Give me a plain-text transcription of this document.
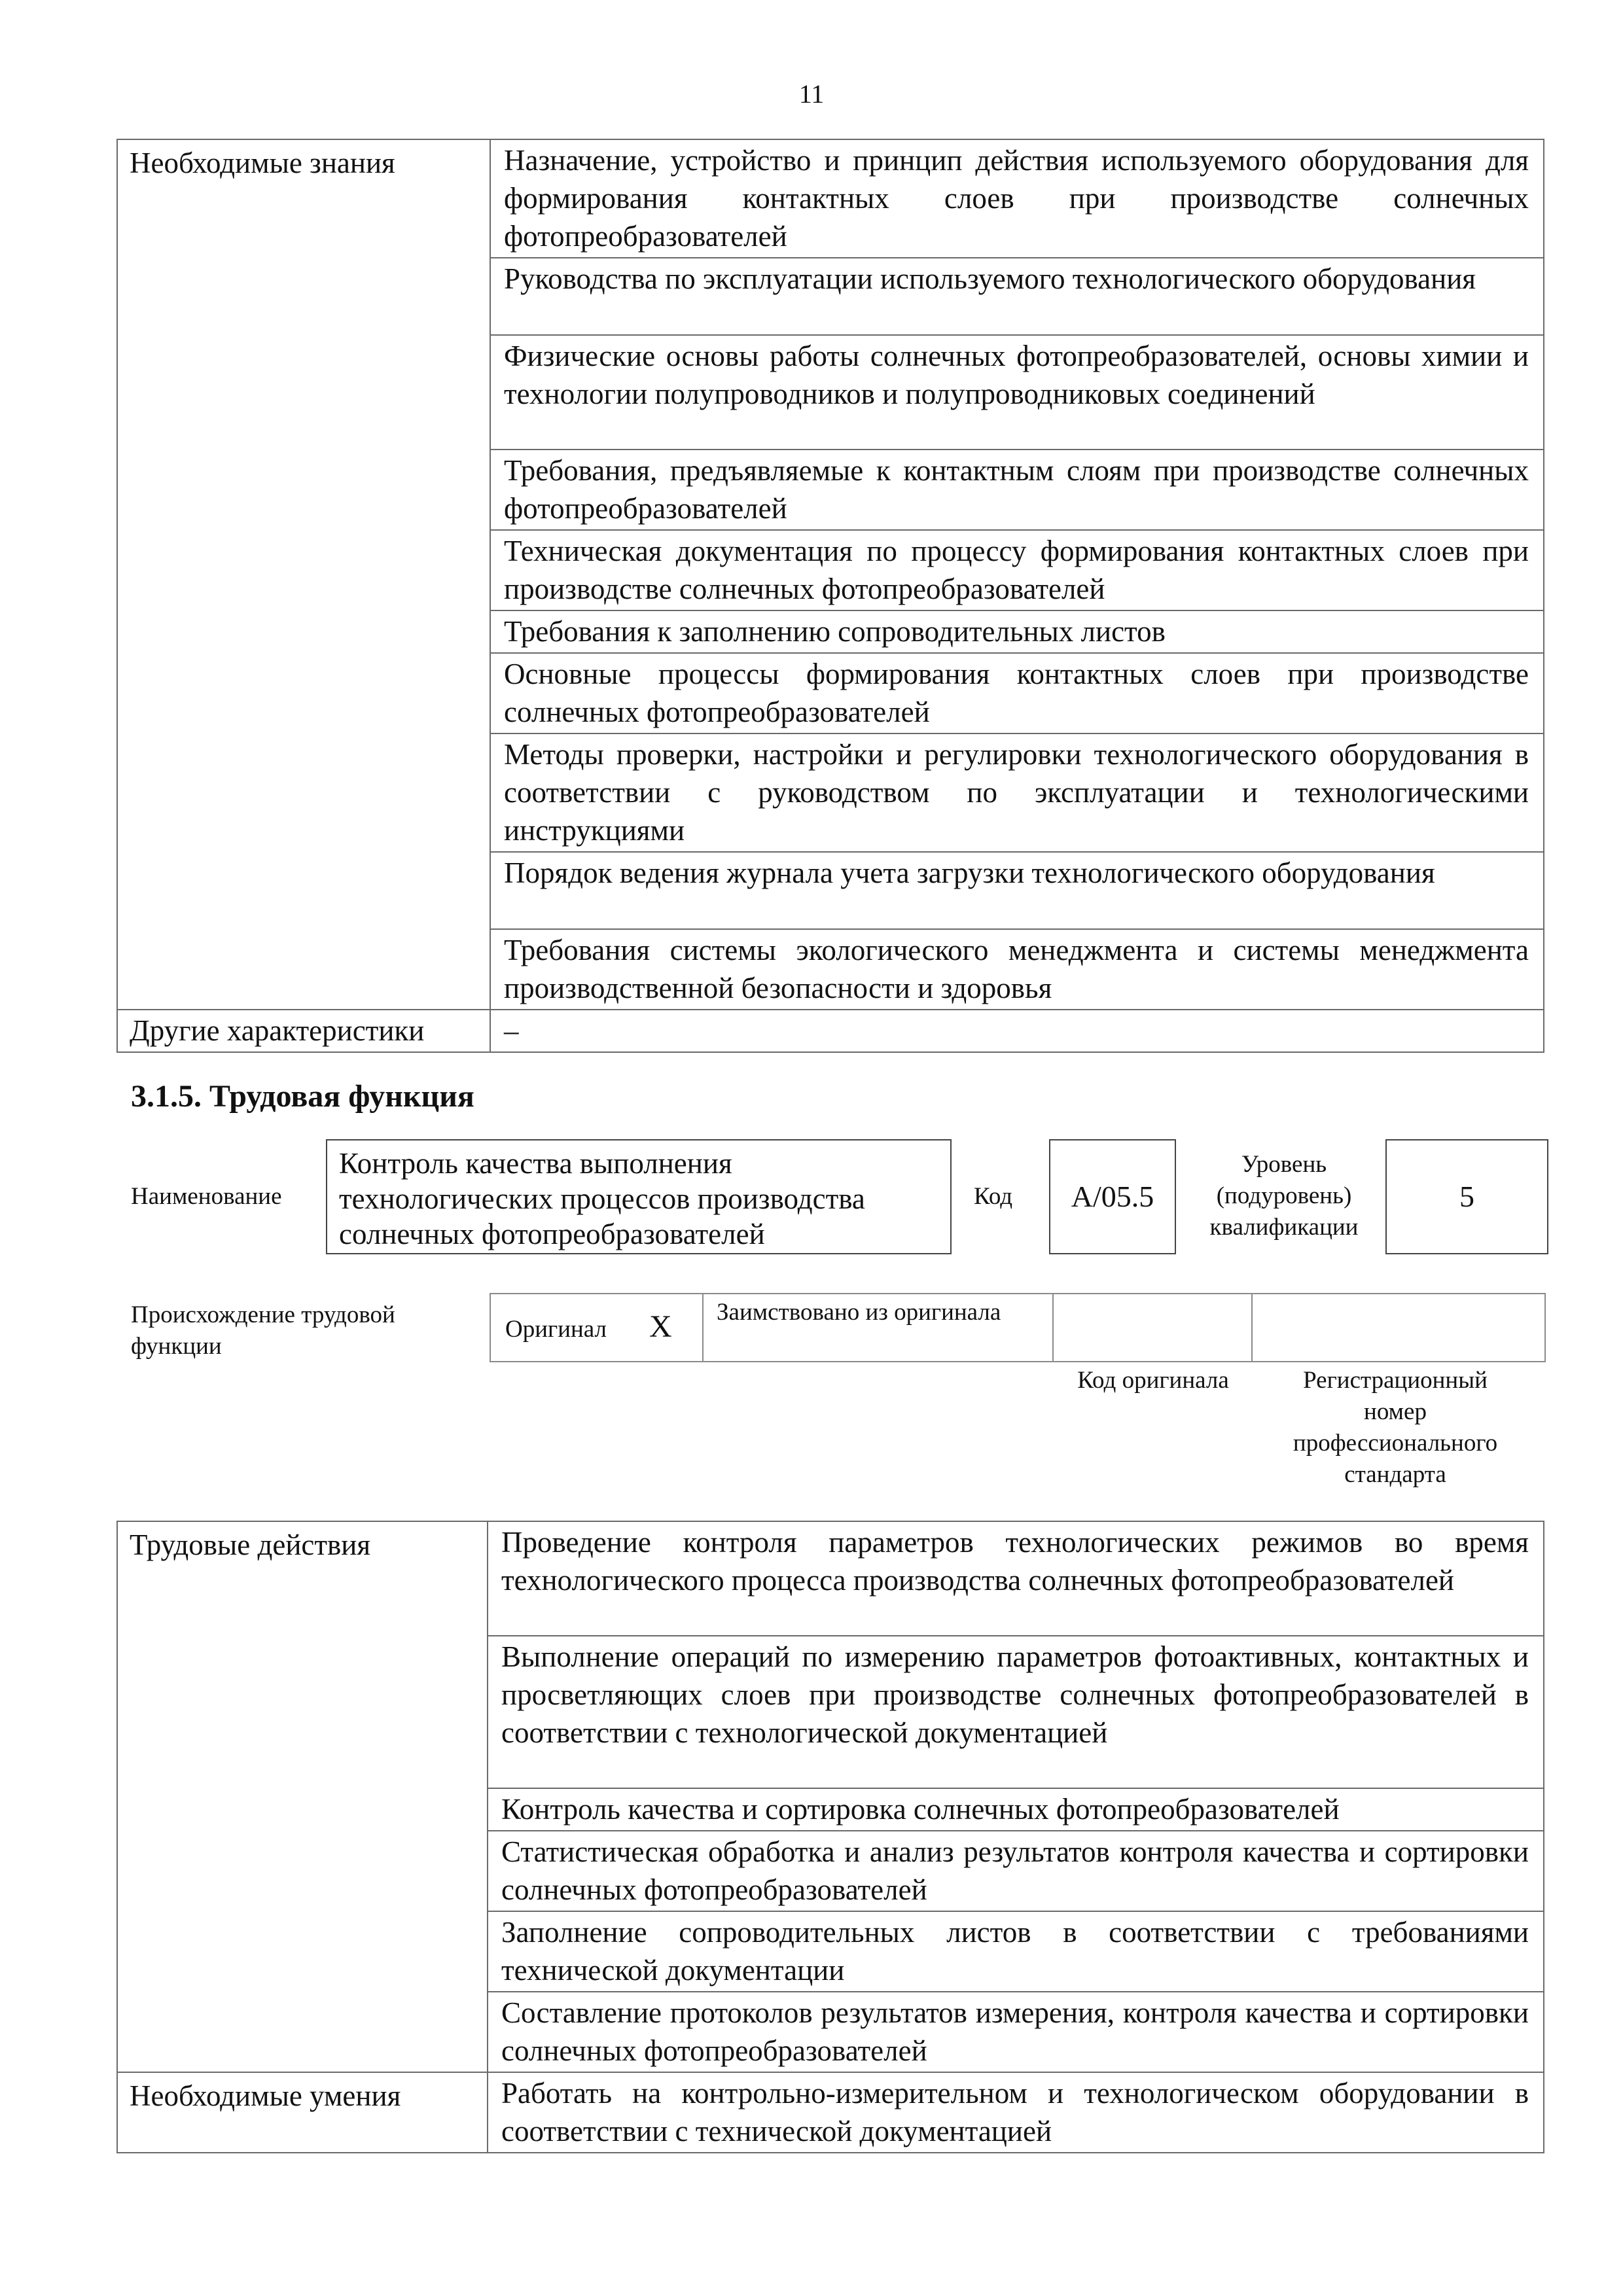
11
Необходимые знания	Назначение, устройство и принцип действия используемого оборудования для формирования контактных слоев при производстве солнечных фотопреобразователей
	Руководства по эксплуатации используемого технологического оборудования
	Физические основы работы солнечных фотопреобразователей, основы химии и технологии полупроводников и полупроводниковых соединений
	Требования, предъявляемые к контактным слоям при производстве солнечных фотопреобразователей
	Техническая документация по процессу формирования контактных слоев при производстве солнечных фотопреобразователей
	Требования к заполнению сопроводительных листов
	Основные процессы формирования контактных слоев при производстве солнечных фотопреобразователей
	Методы проверки, настройки и регулировки технологического оборудования в соответствии с руководством по эксплуатации и технологическими инструкциями
	Порядок ведения журнала учета загрузки технологического оборудования
	Требования системы экологического менеджмента и системы менеджмента производственной безопасности и здоровья
Другие характеристики	–
3.1.5. Трудовая функция
Наименование
Контроль качества выполнения технологических процессов производства солнечных фотопреобразователей
Код	A/05.5
Уровень (подуровень) квалификации
5
Происхождение трудовой функции
Оригинал X Заимствовано из оригинала
Код оригинала	Регистрационный номер профессионального стандарта
Трудовые действия	Проведение контроля параметров технологических режимов во время технологического процесса производства солнечных фотопреобразователей
	Выполнение операций по измерению параметров фотоактивных, контактных и просветляющих слоев при производстве солнечных фотопреобразователей в соответствии с технологической документацией
	Контроль качества и сортировка солнечных фотопреобразователей
	Статистическая обработка и анализ результатов контроля качества и сортировки солнечных фотопреобразователей
	Заполнение сопроводительных листов в соответствии с требованиями технической документации
	Составление протоколов результатов измерения, контроля качества и сортировки солнечных фотопреобразователей
Необходимые умения	Работать на контрольно-измерительном и технологическом оборудовании в соответствии с технической документацией
